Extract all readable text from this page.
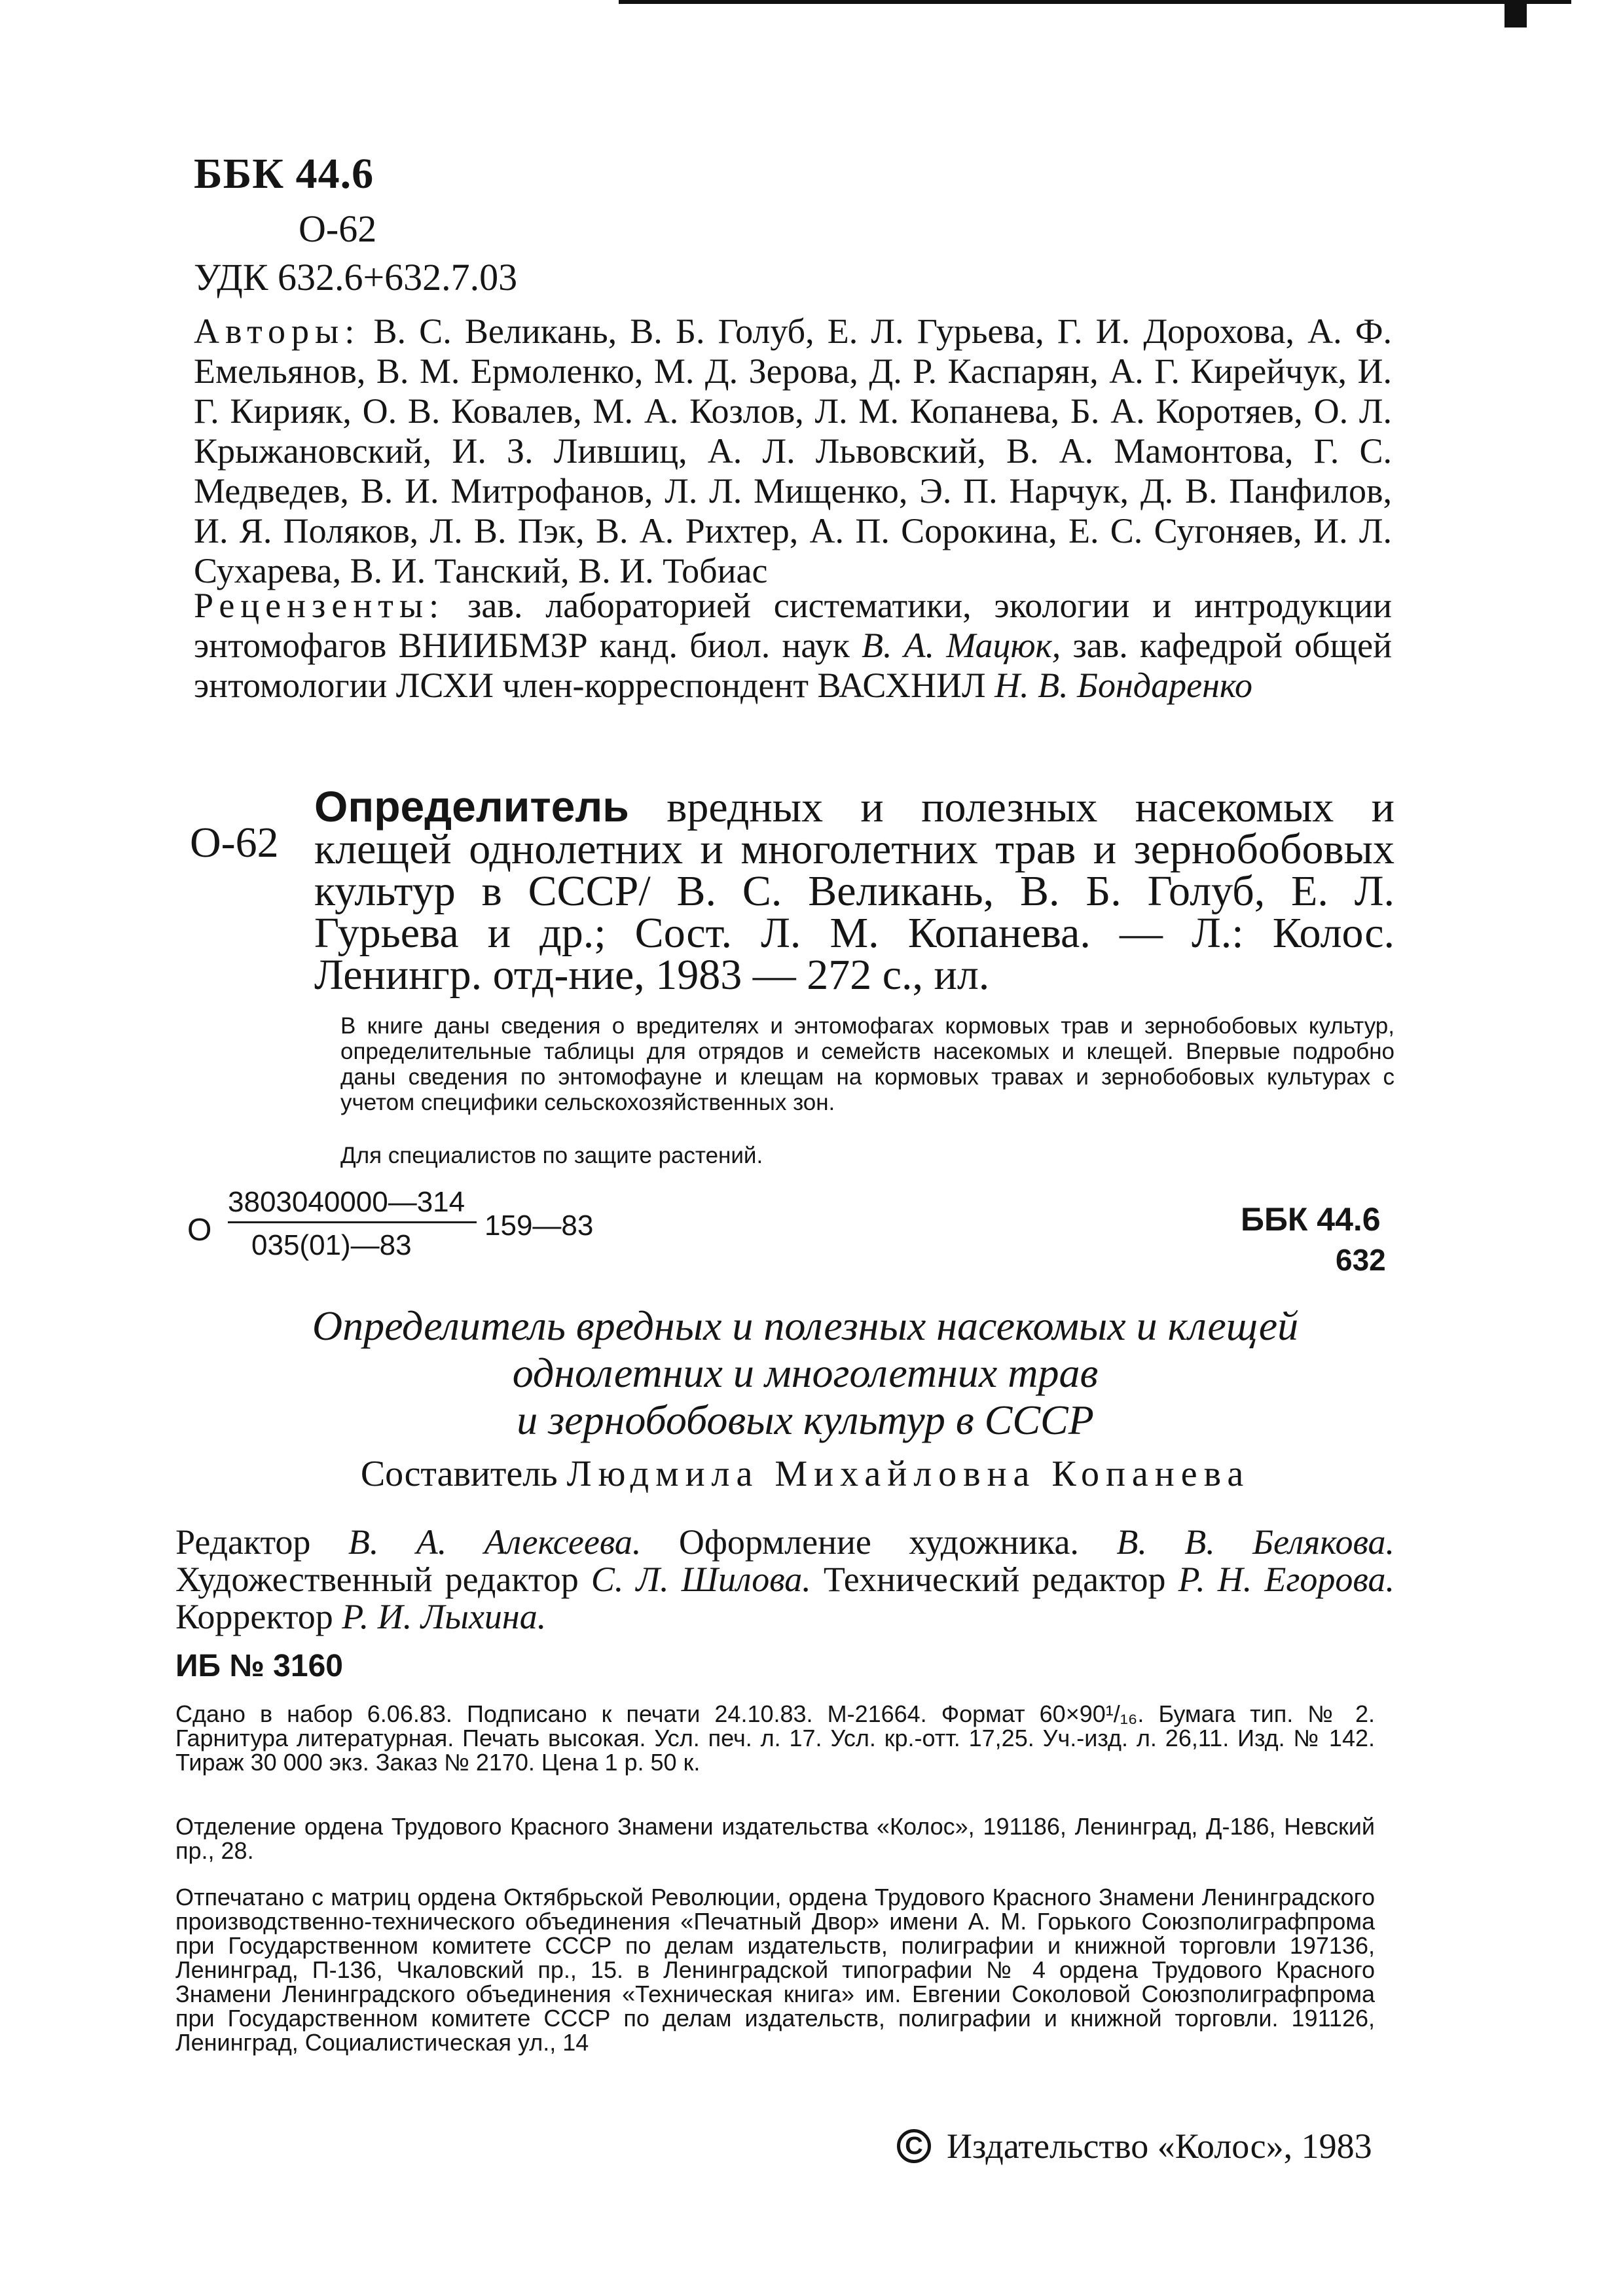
ББК 44.6
О-62
УДК 632.6+632.7.03
Авторы: В. С. Великань, В. Б. Голуб, Е. Л. Гурьева, Г. И. Дорохова, А. Ф. Емельянов, В. М. Ермоленко, М. Д. Зерова, Д. Р. Каспарян, А. Г. Кирейчук, И. Г. Кирияк, О. В. Ковалев, М. А. Козлов, Л. М. Копанева, Б. А. Коротяев, О. Л. Крыжановский, И. З. Лившиц, А. Л. Львовский, В. А. Мамонтова, Г. С. Медведев, В. И. Митрофанов, Л. Л. Мищенко, Э. П. Нарчук, Д. В. Панфилов, И. Я. Поляков, Л. В. Пэк, В. А. Рихтер, А. П. Сорокина, Е. С. Сугоняев, И. Л. Сухарева, В. И. Танский, В. И. Тобиас
Рецензенты: зав. лабораторией систематики, экологии и интродукции энтомофагов ВНИИБМЗР канд. биол. наук В. А. Мацюк, зав. кафедрой общей энтомологии ЛСХИ член-корреспондент ВАСХНИЛ Н. В. Бондаренко
О-62
Определитель вредных и полезных насекомых и клещей однолетних и многолетних трав и зернобобовых культур в СССР/ В. С. Великань, В. Б. Голуб, Е. Л. Гурьева и др.; Сост. Л. М. Копанева. — Л.: Колос. Ленингр. отд-ние, 1983 — 272 с., ил.
В книге даны сведения о вредителях и энтомофагах кормовых трав и зернобобовых культур, определительные таблицы для отрядов и семейств насекомых и клещей. Впервые подробно даны сведения по энтомофауне и клещам на кормовых травах и зернобобовых культурах с учетом специфики сельскохозяйственных зон.
Для специалистов по защите растений.
О
3803040000—314
035(01)—83
159—83	ББК 44.6
632
Определитель вредных и полезных насекомых и клещей
однолетних и многолетних трав
и зернобобовых культур в СССР
Составитель Людмила Михайловна Копанева
Редактор В. А. Алексеева. Оформление художника. В. В. Белякова. Художественный редактор С. Л. Шилова. Технический редактор Р. Н. Егорова. Корректор Р. И. Лыхина.
ИБ № 3160
Сдано в набор 6.06.83. Подписано к печати 24.10.83. М-21664. Формат 60×90¹/₁₆. Бумага тип. № 2. Гарнитура литературная. Печать высокая. Усл. печ. л. 17. Усл. кр.-отт. 17,25. Уч.-изд. л. 26,11. Изд. № 142. Тираж 30 000 экз. Заказ № 2170. Цена 1 р. 50 к.
Отделение ордена Трудового Красного Знамени издательства «Колос», 191186, Ленинград, Д-186, Невский пр., 28.
Отпечатано с матриц ордена Октябрьской Революции, ордена Трудового Красного Знамени Ленинградского производственно-технического объединения «Печатный Двор» имени А. М. Горького Союзполиграфпрома при Государственном комитете СССР по делам издательств, полиграфии и книжной торговли 197136, Ленинград, П-136, Чкаловский пр., 15. в Ленинградской типографии № 4 ордена Трудового Красного Знамени Ленинградского объединения «Техническая книга» им. Евгении Соколовой Союзполиграфпрома при Государственном комитете СССР по делам издательств, полиграфии и книжной торговли. 191126, Ленинград, Социалистическая ул., 14
C Издательство «Колос», 1983
